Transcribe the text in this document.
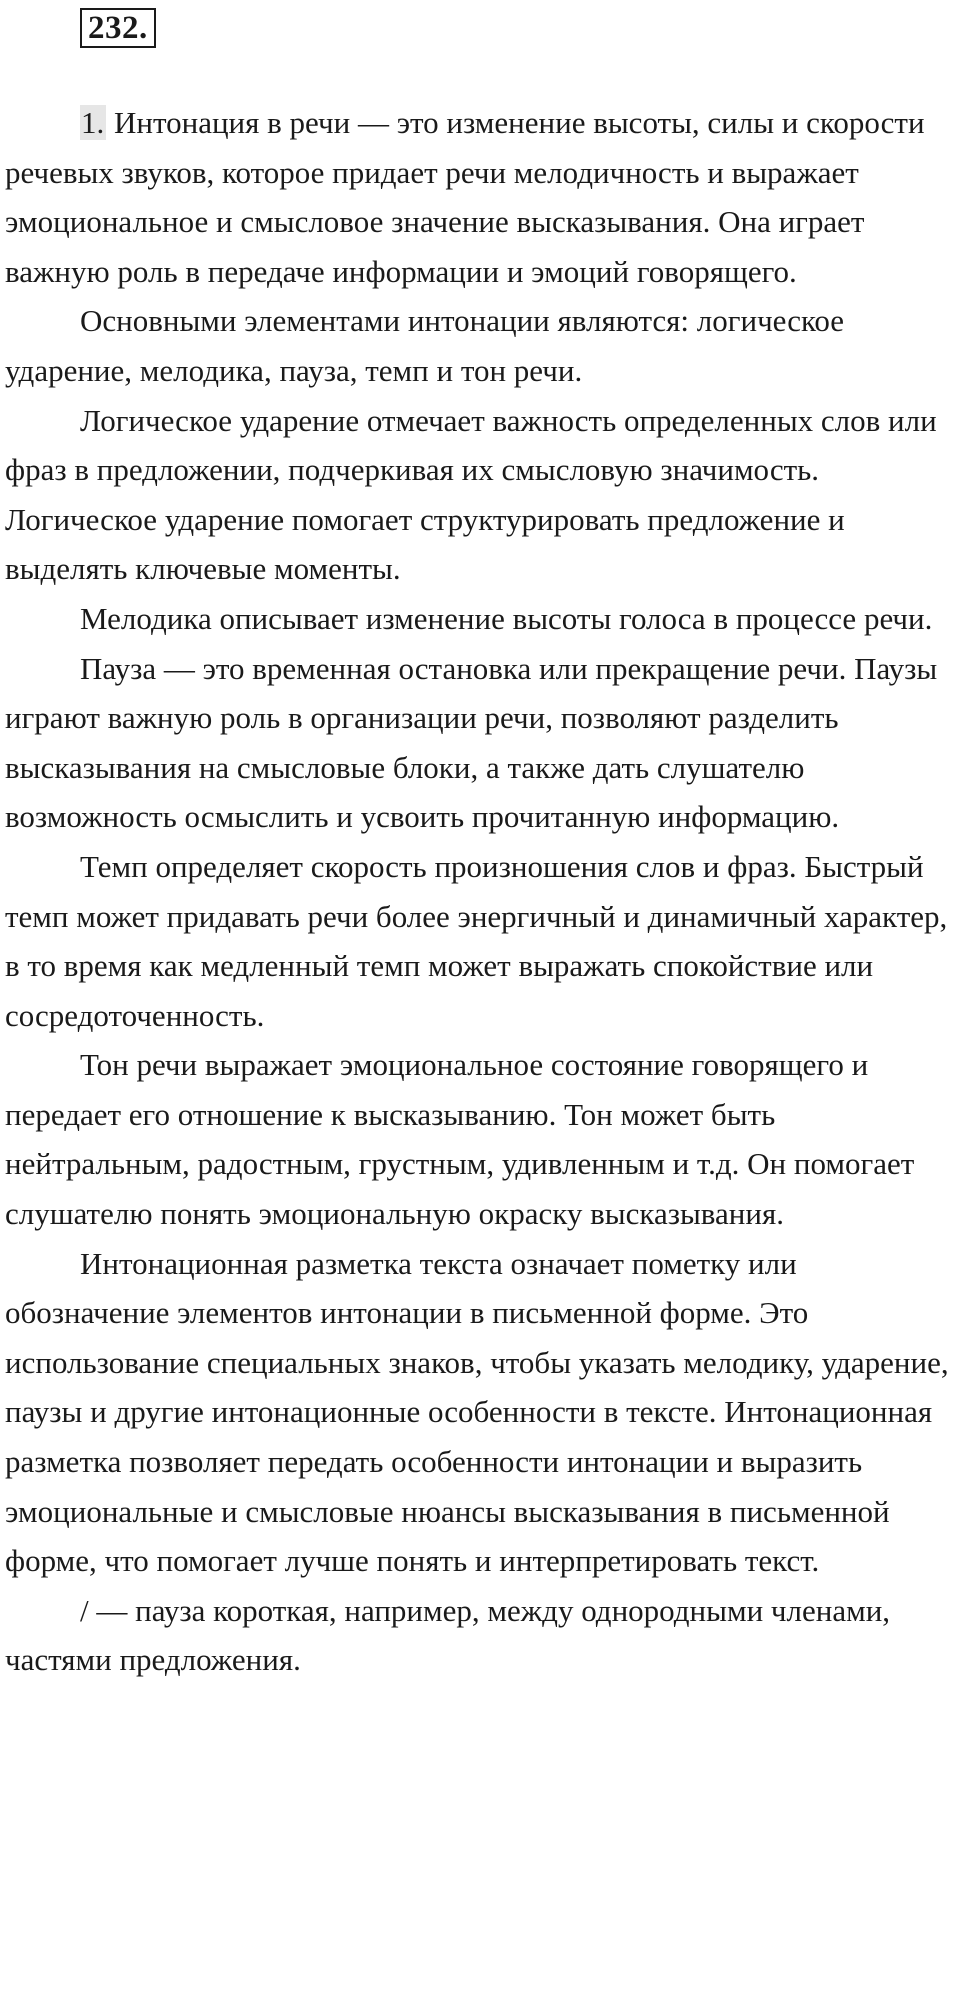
232.

1. Интонация в речи — это изменение высоты, силы и скорости речевых звуков, которое придает речи мелодичность и выражает эмоциональное и смысловое значение высказывания. Она играет важную роль в передаче информации и эмоций говорящего.

Основными элементами интонации являются: логическое ударение, мелодика, пауза, темп и тон речи.

Логическое ударение отмечает важность определенных слов или фраз в предложении, подчеркивая их смысловую значимость. Логическое ударение помогает структурировать предложение и выделять ключевые моменты.

Мелодика описывает изменение высоты голоса в процессе речи.

Пауза — это временная остановка или прекращение речи. Паузы играют важную роль в организации речи, позволяют разделить высказывания на смысловые блоки, а также дать слушателю возможность осмыслить и усвоить прочитанную информацию.

Темп определяет скорость произношения слов и фраз. Быстрый темп может придавать речи более энергичный и динамичный характер, в то время как медленный темп может выражать спокойствие или сосредоточенность.

Тон речи выражает эмоциональное состояние говорящего и передает его отношение к высказыванию. Тон может быть нейтральным, радостным, грустным, удивленным и т.д. Он помогает слушателю понять эмоциональную окраску высказывания.

Интонационная разметка текста означает пометку или обозначение элементов интонации в письменной форме. Это использование специальных знаков, чтобы указать мелодику, ударение, паузы и другие интонационные особенности в тексте. Интонационная разметка позволяет передать особенности интонации и выразить эмоциональные и смысловые нюансы высказывания в письменной форме, что помогает лучше понять и интерпретировать текст.

/ — пауза короткая, например, между однородными членами, частями предложения.
